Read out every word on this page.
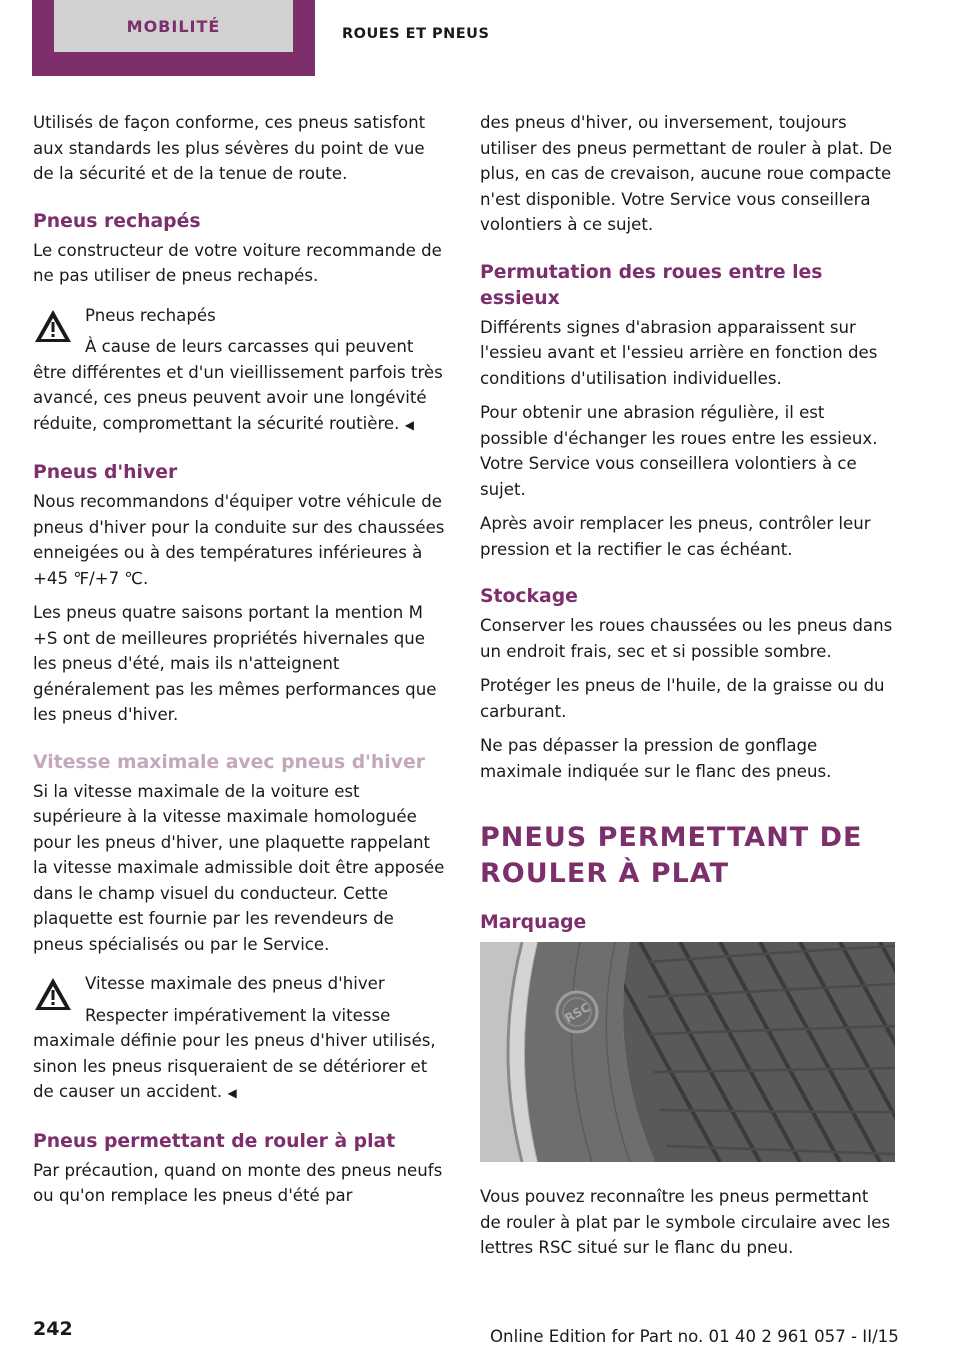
MOBILITÉ	ROUES ET PNEUS

Utilisés de façon conforme, ces pneus satisfont aux standards les plus sévères du point de vue de la sécurité et de la tenue de route.

Pneus rechapés

Le constructeur de votre voiture recommande de ne pas utiliser de pneus rechapés.

Pneus rechapés

À cause de leurs carcasses qui peuvent

être différentes et d'un vieillissement parfois très avancé, ces pneus peuvent avoir une longévité réduite, compromettant la sécurité routière. ◀

Pneus d'hiver

Nous recommandons d'équiper votre véhicule de pneus d'hiver pour la conduite sur des chaussées enneigées ou à des températures inférieures à +45 ℉/+7 ℃.

Les pneus quatre saisons portant la mention M +S ont de meilleures propriétés hivernales que les pneus d'été, mais ils n'atteignent généralement pas les mêmes performances que les pneus d'hiver.

Vitesse maximale avec pneus d'hiver

Si la vitesse maximale de la voiture est supérieure à la vitesse maximale homologuée pour les pneus d'hiver, une plaquette rappelant la vitesse maximale admissible doit être apposée dans le champ visuel du conducteur. Cette plaquette est fournie par les revendeurs de pneus spécialisés ou par le Service.

Vitesse maximale des pneus d'hiver

Respecter impérativement la vitesse

maximale définie pour les pneus d'hiver utilisés, sinon les pneus risqueraient de se détériorer et de causer un accident. ◀

Pneus permettant de rouler à plat

Par précaution, quand on monte des pneus neufs ou qu'on remplace les pneus d'été par

des pneus d'hiver, ou inversement, toujours utiliser des pneus permettant de rouler à plat. De plus, en cas de crevaison, aucune roue compacte n'est disponible. Votre Service vous conseillera volontiers à ce sujet.

Permutation des roues entre les essieux

Différents signes d'abrasion apparaissent sur l'essieu avant et l'essieu arrière en fonction des conditions d'utilisation individuelles.

Pour obtenir une abrasion régulière, il est possible d'échanger les roues entre les essieux. Votre Service vous conseillera volontiers à ce sujet.

Après avoir remplacer les pneus, contrôler leur pression et la rectifier le cas échéant.

Stockage

Conserver les roues chaussées ou les pneus dans un endroit frais, sec et si possible sombre.

Protéger les pneus de l'huile, de la graisse ou du carburant.

Ne pas dépasser la pression de gonflage maximale indiquée sur le flanc des pneus.

PNEUS PERMETTANT DE
ROULER À PLAT
Marquage
RSC

Vous pouvez reconnaître les pneus permettant de rouler à plat par le symbole circulaire avec les lettres RSC situé sur le flanc du pneu.

242	Online Edition for Part no. 01 40 2 961 057 - II/15
